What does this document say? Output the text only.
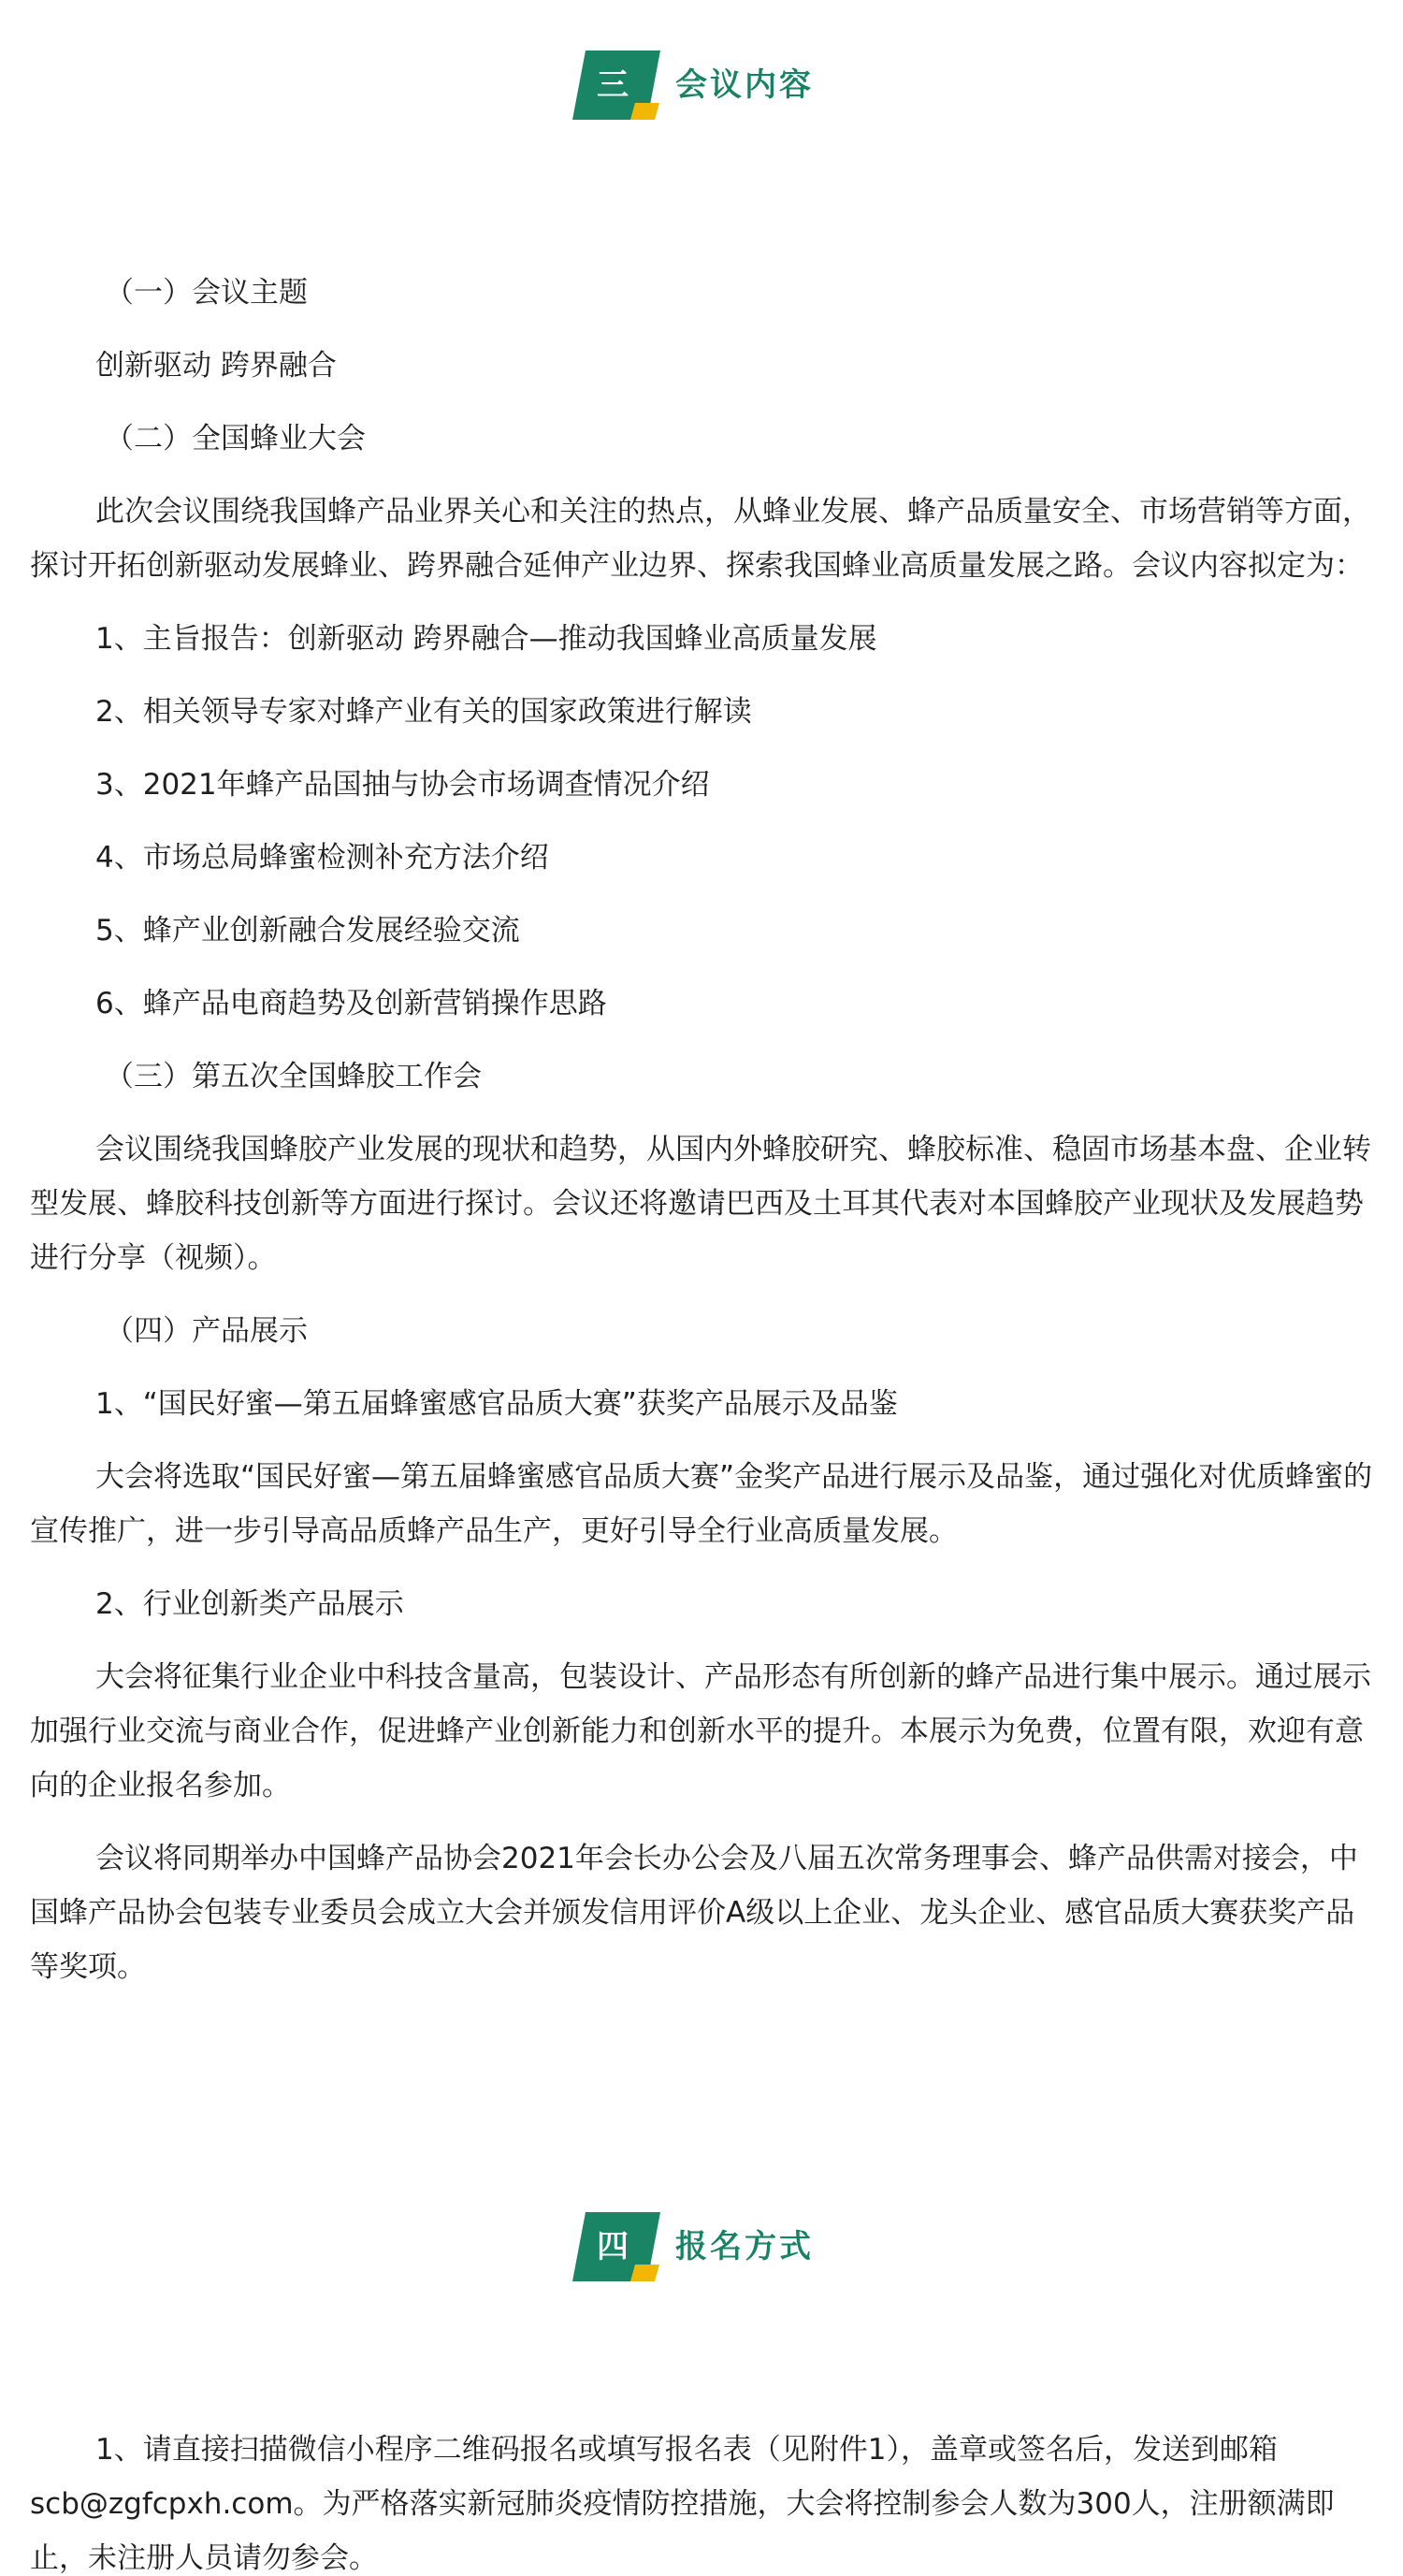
三	会议内容
（一）会议主题
创新驱动 跨界融合
（二）全国蜂业大会
此次会议围绕我国蜂产品业界关心和关注的热点，从蜂业发展、蜂产品质量安全、市场营销等方面，探讨开拓创新驱动发展蜂业、跨界融合延伸产业边界、探索我国蜂业高质量发展之路。会议内容拟定为：
1、主旨报告：创新驱动 跨界融合—推动我国蜂业高质量发展
2、相关领导专家对蜂产业有关的国家政策进行解读
3、2021年蜂产品国抽与协会市场调查情况介绍
4、市场总局蜂蜜检测补充方法介绍
5、蜂产业创新融合发展经验交流
6、蜂产品电商趋势及创新营销操作思路
（三）第五次全国蜂胶工作会
会议围绕我国蜂胶产业发展的现状和趋势，从国内外蜂胶研究、蜂胶标准、稳固市场基本盘、企业转型发展、蜂胶科技创新等方面进行探讨。会议还将邀请巴西及土耳其代表对本国蜂胶产业现状及发展趋势进行分享（视频）。
（四）产品展示
1、“国民好蜜—第五届蜂蜜感官品质大赛”获奖产品展示及品鉴
大会将选取“国民好蜜—第五届蜂蜜感官品质大赛”金奖产品进行展示及品鉴，通过强化对优质蜂蜜的宣传推广，进一步引导高品质蜂产品生产，更好引导全行业高质量发展。
2、行业创新类产品展示
大会将征集行业企业中科技含量高，包装设计、产品形态有所创新的蜂产品进行集中展示。通过展示加强行业交流与商业合作，促进蜂产业创新能力和创新水平的提升。本展示为免费，位置有限，欢迎有意向的企业报名参加。
会议将同期举办中国蜂产品协会2021年会长办公会及八届五次常务理事会、蜂产品供需对接会，中国蜂产品协会包装专业委员会成立大会并颁发信用评价A级以上企业、龙头企业、感官品质大赛获奖产品等奖项。
四	报名方式
1、请直接扫描微信小程序二维码报名或填写报名表（见附件1），盖章或签名后，发送到邮箱scb@zgfcpxh.com。为严格落实新冠肺炎疫情防控措施，大会将控制参会人数为300人，注册额满即止，未注册人员请勿参会。
